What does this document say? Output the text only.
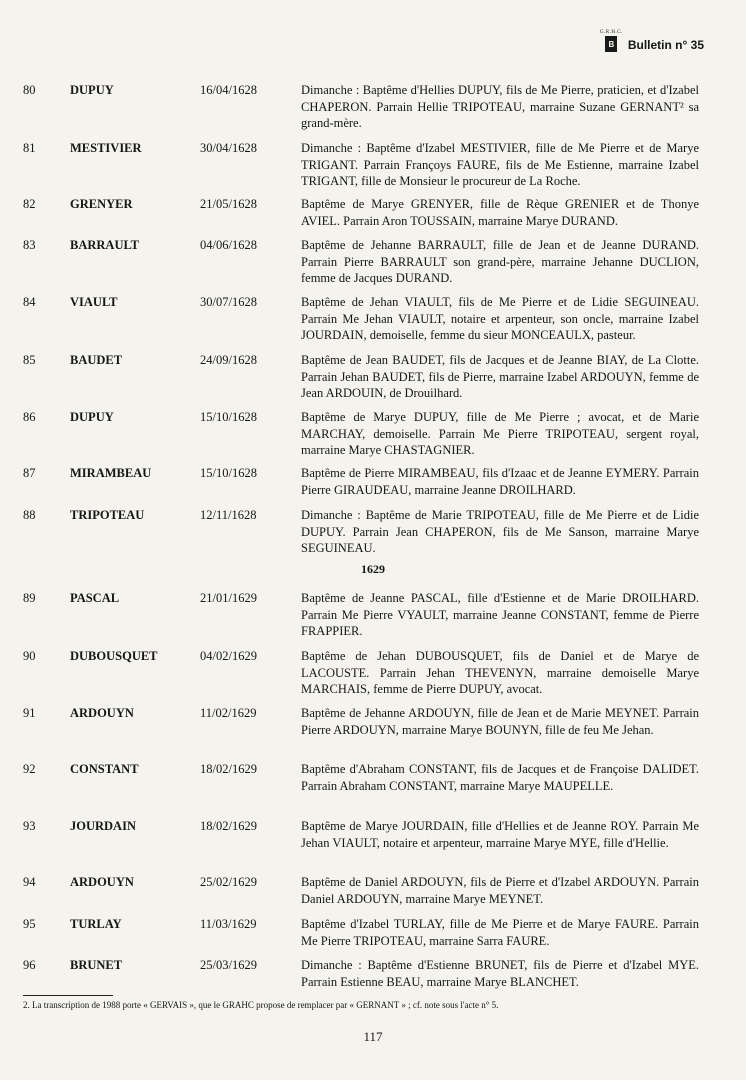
G.R.H.C.
B Bulletin n° 35
80	DUPUY	16/04/1628	Dimanche : Baptême d'Hellies DUPUY, fils de Me Pierre, praticien, et d'Izabel CHAPERON. Parrain Hellie TRIPOTEAU, marraine Suzane GERNANT² sa grand-mère.
81	MESTIVIER	30/04/1628	Dimanche : Baptême d'Izabel MESTIVIER, fille de Me Pierre et de Marye TRIGANT. Parrain Françoys FAURE, fils de Me Estienne, marraine Izabel TRIGANT, fille de Monsieur le procureur de La Roche.
82	GRENYER	21/05/1628	Baptême de Marye GRENYER, fille de Rèque GRENIER et de Thonye AVIEL. Parrain Aron TOUSSAIN, marraine Marye DURAND.
83	BARRAULT	04/06/1628	Baptême de Jehanne BARRAULT, fille de Jean et de Jeanne DURAND. Parrain Pierre BARRAULT son grand-père, marraine Jehanne DUCLION, femme de Jacques DURAND.
84	VIAULT	30/07/1628	Baptême de Jehan VIAULT, fils de Me Pierre et de Lidie SEGUINEAU. Parrain Me Jehan VIAULT, notaire et arpenteur, son oncle, marraine Izabel JOURDAIN, demoiselle, femme du sieur MONCEAULX, pasteur.
85	BAUDET	24/09/1628	Baptême de Jean BAUDET, fils de Jacques et de Jeanne BIAY, de La Clotte. Parrain Jehan BAUDET, fils de Pierre, marraine Izabel ARDOUYN, femme de Jean ARDOUIN, de Drouilhard.
86	DUPUY	15/10/1628	Baptême de Marye DUPUY, fille de Me Pierre ; avocat, et de Marie MARCHAY, demoiselle. Parrain Me Pierre TRIPOTEAU, sergent royal, marraine Marye CHASTAGNIER.
87	MIRAMBEAU	15/10/1628	Baptême de Pierre MIRAMBEAU, fils d'Izaac et de Jeanne EYMERY. Parrain Pierre GIRAUDEAU, marraine Jeanne DROILHARD.
88	TRIPOTEAU	12/11/1628	Dimanche : Baptême de Marie TRIPOTEAU, fille de Me Pierre et de Lidie DUPUY. Parrain Jean CHAPERON, fils de Me Sanson, marraine Marye SEGUINEAU.
1629
89	PASCAL	21/01/1629	Baptême de Jeanne PASCAL, fille d'Estienne et de Marie DROILHARD. Parrain Me Pierre VYAULT, marraine Jeanne CONSTANT, femme de Pierre FRAPPIER.
90	DUBOUSQUET	04/02/1629	Baptême de Jehan DUBOUSQUET, fils de Daniel et de Marye de LACOUSTE. Parrain Jehan THEVENYN, marraine demoiselle Marye MARCHAIS, femme de Pierre DUPUY, avocat.
91	ARDOUYN	11/02/1629	Baptême de Jehanne ARDOUYN, fille de Jean et de Marie MEYNET. Parrain Pierre ARDOUYN, marraine Marye BOUNYN, fille de feu Me Jehan.
92	CONSTANT	18/02/1629	Baptême d'Abraham CONSTANT, fils de Jacques et de Françoise DALIDET. Parrain Abraham CONSTANT, marraine Marye MAUPELLE.
93	JOURDAIN	18/02/1629	Baptême de Marye JOURDAIN, fille d'Hellies et de Jeanne ROY. Parrain Me Jehan VIAULT, notaire et arpenteur, marraine Marye MYE, fille d'Hellie.
94	ARDOUYN	25/02/1629	Baptême de Daniel ARDOUYN, fils de Pierre et d'Izabel ARDOUYN. Parrain Daniel ARDOUYN, marraine Marye MEYNET.
95	TURLAY	11/03/1629	Baptême d'Izabel TURLAY, fille de Me Pierre et de Marye FAURE. Parrain Me Pierre TRIPOTEAU, marraine Sarra FAURE.
96	BRUNET	25/03/1629	Dimanche : Baptême d'Estienne BRUNET, fils de Pierre et d'Izabel MYE. Parrain Estienne BEAU, marraine Marye BLANCHET.
2. La transcription de 1988 porte « GERVAIS », que le GRAHC propose de remplacer par « GERNANT » ; cf. note sous l'acte n° 5.
117
